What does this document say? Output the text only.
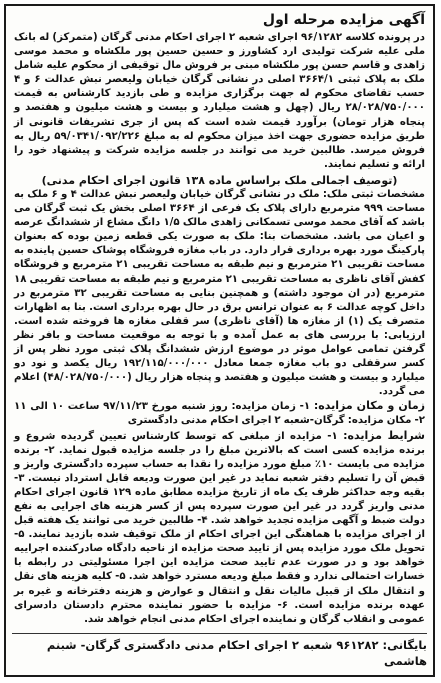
آگهی مزایده مرحله اول

در پرونده کلاسه ۹۶/۱۲۸۲ اجرای شعبه ۲ اجرای احکام مدنی گرگان (متمرکز) له بانک ملی علیه شرکت تولیدی ارد کشاورز و حسین حسین پور ملکشاه و محمد موسی زاهدی و قاسم حسن پور ملکشاه مبنی بر فروش مال توقیفی از محکوم علیه شامل ملک به پلاک ثبتی ۳۶۶۴/۱ اصلی در نشانی گرگان خیابان ولیعصر نبش عدالت ۶ و ۴ حسب تقاضای محکوم له جهت برگزاری مزایده و طی بازدید کارشناس به قیمت ۲۸/۰۲۸/۷۵۰/۰۰۰ ریال (چهل و هشت میلیارد و بیست و هشت میلیون و هفتصد و پنجاه هزار تومان) برآورد قیمت شده است که پس از جری تشریفات قانونی از طریق مزایده حضوری جهت اخذ میزان محکوم له به مبلغ ۵۹/۰۳۴۱/۰۹۲/۲۲۶ ریال به فروش میرسد. طالبین خرید می توانند در جلسه مزایده شرکت و پیشنهاد خود را ارائه و تسلیم نمایند.

(توصیف اجمالی ملک براساس ماده ۱۳۸ قانون اجرای احکام مدنی)

مشخصات ثبتی ملک: ملک در نشانی گرگان خیابان ولیعصر نبش عدالت ۴ و ۶ ملک به مساحت ۹۹۹ مترمربع دارای پلاک یک فرعی از ۳۶۶۴ اصلی بخش یک ثبت گرگان می باشد که آقای محمد موسی تسمکانی زاهدی مالک ۱/۵ دانگ مشاع از ششدانگ عرصه و اعیان می باشد. مشخصات بنا: ملک به صورت یکی قطعه زمین بوده که بعنوان پارکینگ مورد بهره برداری قرار دارد. در باب مغازه فروشگاه پوشاک حسین پاینده به مساحت تقریبی ۲۱ مترمربع و نیم طبقه به مساحت تقریبی ۲۱ مترمربع و فروشگاه کفش آقای ناظری به مساحت تقریبی ۲۱ مترمربع و نیم طبقه به مساحت تقریبی ۱۸ مترمربع (در ان موجود داشته) و همچنین بنایی به مساحت تقریبی ۳۲ مترمربع در داخل کوچه عدالت ۶ به عنوان ترانس برق در حال بهره برداری است. بنا به اظهارات متصرف یک (۱) از مغازه ها (آقای ناظری) سر قفلی مغازه ها فروخته شده است. ارزیابی: با بررسی های به عمل آمده و با توجه به موقعیت مساحت و بافر نظر گرفتن تمامی عوامل موثر در موضوع ارزش ششدانگ پلاک ثبتی مورد نظر پس از کسر سرقفلی دو باب مغازه جمعا معادل ۱۹۲/۱۱۵/۰۰۰/۰۰۰ ریال یکصد و نود دو میلیارد و بیست و هشت میلیون و هفتصد و پنجاه هزار ریال (۴۸/۰۲۸/۷۵۰/۰۰۰) اعلام می گردد.

زمان و مکان مزایده: ۱- زمان مزایده: روز شنبه مورخ ۹۷/۱۱/۲۳ ساعت ۱۰ الی ۱۱ ۲- مکان مزایده: گرگان-شعبه ۲ اجرای احکام مدنی دادگستری

شرایط مزایده: ۱- مزایده از مبلغی که توسط کارشناس تعیین گردیده شروع و برنده مزایده کسی است که بالاترین مبلغ را در جلسه مزایده قبول نماید. ۲- برنده مزایده می بایست ۱۰٪ مبلغ مورد مزایده را نقدا به حساب سپرده دادگستری واریز و قبض آن را تسلیم دفتر شعبه نماید در غیر این صورت ودیعه قابل استرداد نیست. ۳- بقیه وجه حداکثر ظرف یک ماه از تاریخ مزایده مطابق ماده ۱۲۹ قانون اجرای احکام مدنی واریز گردد در غیر این صورت سپرده پس از کسر هزینه های اجرایی به نفع دولت ضبط و آگهی مزایده تجدید خواهد شد. ۴- طالبین خرید می توانند یک هفته قبل از اجرای مزایده با هماهنگی این اجرای احکام از ملک توقیف شده بازدید نمایند. ۵- تحویل ملک مورد مزایده پس از تایید صحت مزایده از ناحیه دادگاه صادرکننده اجراییه خواهد بود و در صورت عدم تایید صحت مزایده این اجرا مسئولیتی در رابطه با خسارات احتمالی ندارد و فقط مبلغ ودیعه مسترد خواهد شد. ۵- کلیه هزینه های نقل و انتقال ملک از قبیل مالیات نقل و انتقال و عوارض و هزینه دفترخانه و غیره بر عهده برنده مزایده است. ۶- مزایده با حضور نماینده محترم دادستان دادسرای عمومی و انقلاب گرگان و نماینده اجرای احکام مدنی انجام خواهد شد.

بایگانی: ۹۶۱۲۸۲ شعبه ۲ اجرای احکام مدنی دادگستری گرگان- شبنم هاشمی
